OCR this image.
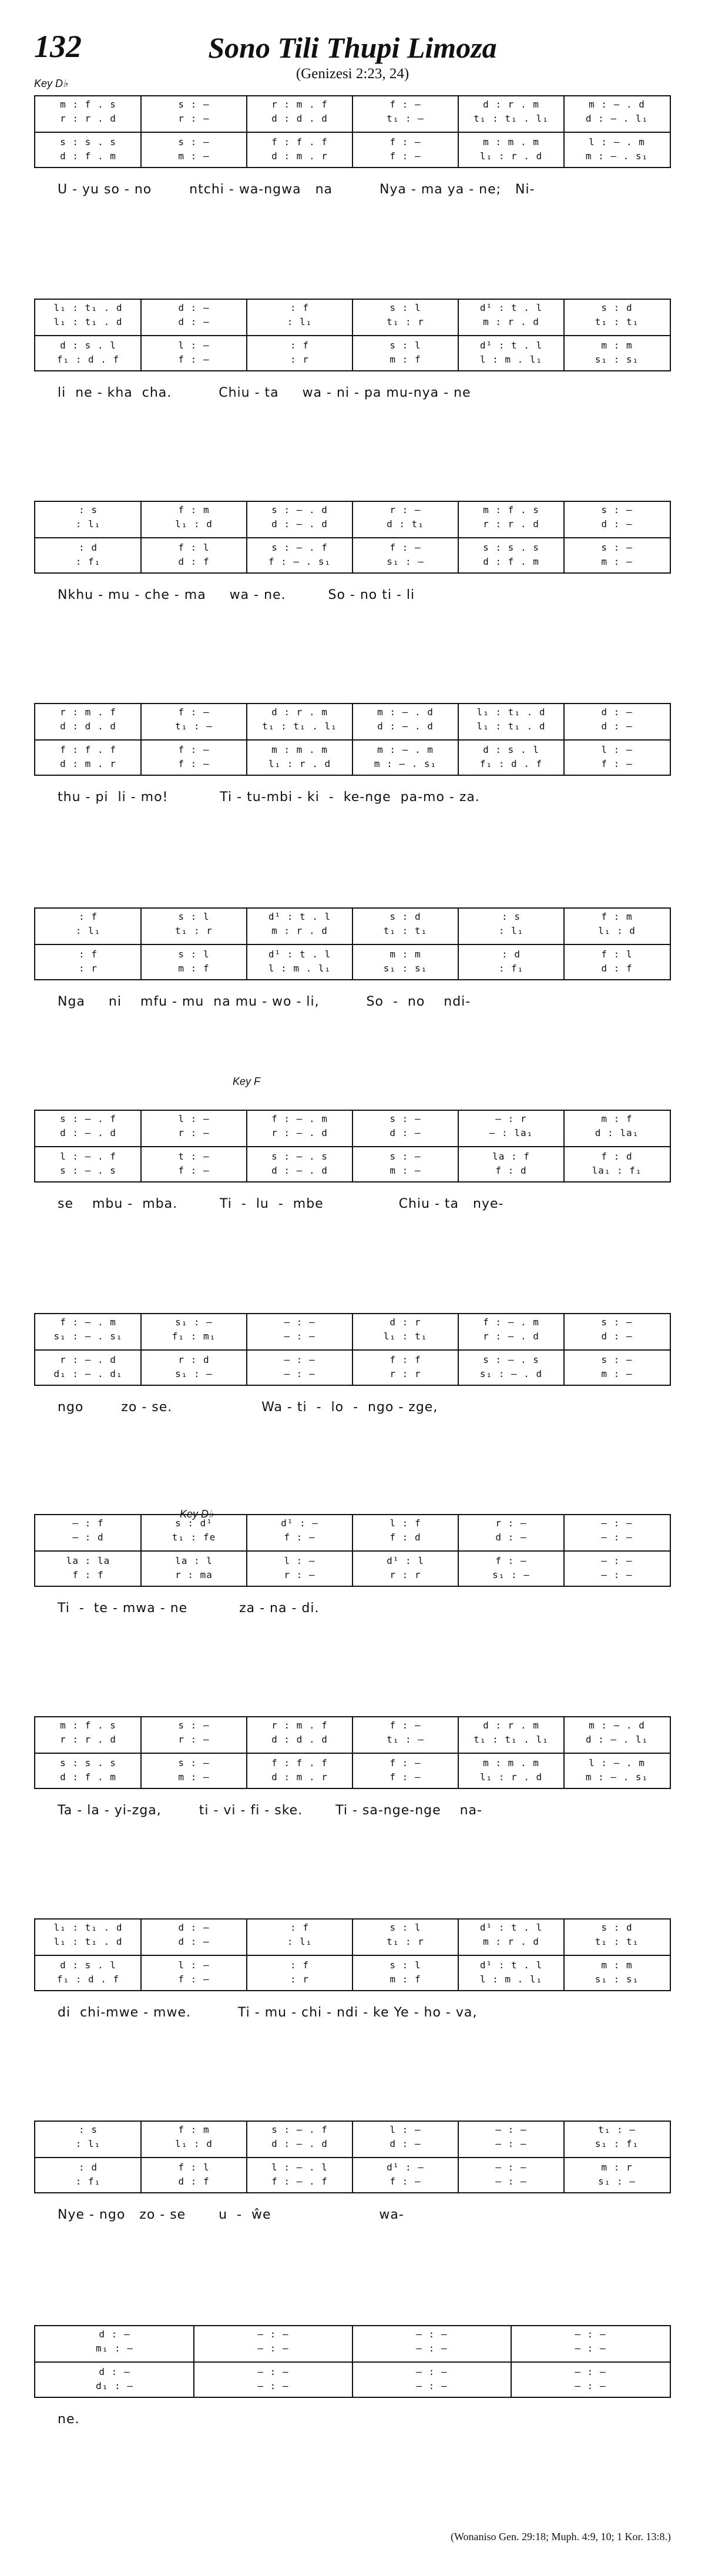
132	Sono Tili Thupi Limoza
(Genizesi 2:23, 24)
Key D♭
Key F
Key D♭
m : f . s
r : r . d
s : s . s
d : f . m
s : —
r : —
s : —
m : —
r : m . f
d : d . d
f : f . f
d : m . r
f : —
t₁ : —
f : —
f : —
d : r . m
t₁ : t₁ . l₁
m : m . m
l₁ : r . d
m : — . d
d : — . l₁
l : — . m
m : — . s₁
U - yu so - no        ntchi - wa-ngwa   na          Nya - ma ya - ne;   Ni-
l₁ : t₁ . d
l₁ : t₁ . d
d : s . l
f₁ : d . f
d : —
d : —
l : —
f : —
: f
: l₁
: f
: r
s : l
t₁ : r
s : l
m : f
d¹ : t . l
m : r . d
d¹ : t . l
l : m . l₁
s : d
t₁ : t₁
m : m
s₁ : s₁
li  ne - kha  cha.          Chiu - ta     wa - ni - pa mu-nya - ne
: s
: l₁
: d
: f₁
f : m
l₁ : d
f : l
d : f
s : — . d
d : — . d
s : — . f
f : — . s₁
r : —
d : t₁
f : —
s₁ : —
m : f . s
r : r . d
s : s . s
d : f . m
s : —
d : —
s : —
m : —
Nkhu - mu - che - ma     wa - ne.         So - no ti - li
r : m . f
d : d . d
f : f . f
d : m . r
f : —
t₁ : —
f : —
f : —
d : r . m
t₁ : t₁ . l₁
m : m . m
l₁ : r . d
m : — . d
d : — . d
m : — . m
m : — . s₁
l₁ : t₁ . d
l₁ : t₁ . d
d : s . l
f₁ : d . f
d : —
d : —
l : —
f : —
thu - pi  li - mo!           Ti - tu-mbi - ki  -  ke-nge  pa-mo - za.
: f
: l₁
: f
: r
s : l
t₁ : r
s : l
m : f
d¹ : t . l
m : r . d
d¹ : t . l
l : m . l₁
s : d
t₁ : t₁
m : m
s₁ : s₁
: s
: l₁
: d
: f₁
f : m
l₁ : d
f : l
d : f
Nga     ni    mfu - mu  na mu - wo - li,          So  -  no    ndi-
s : — . f
d : — . d
l : — . f
s : — . s
l : —
r : —
t : —
f : —
f : — . m
r : — . d
s : — . s
d : — . d
s : —
d : —
s : —
m : —
— : r
— : la₁
la : f
f : d
m : f
d : la₁
f : d
la₁ : f₁
se    mbu -  mba.         Ti  -  lu  -  mbe                Chiu - ta   nye-
f : — . m
s₁ : — . s₁
r : — . d
d₁ : — . d₁
s₁ : —
f₁ : m₁
r : d
s₁ : —
— : —
— : —
— : —
— : —
d : r
l₁ : t₁
f : f
r : r
f : — . m
r : — . d
s : — . s
s₁ : — . d
s : —
d : —
s : —
m : —
ngo        zo - se.                   Wa - ti  -  lo  -  ngo - zge,
— : f
— : d
la : la
f : f
s : d¹
t₁ : fe
la : l
r : ma
d¹ : —
f : —
l : —
r : —
l : f
f : d
d¹ : l
r : r
r : —
d : —
f : —
s₁ : —
— : —
— : —
— : —
— : —
Ti  -  te - mwa - ne           za - na - di.
m : f . s
r : r . d
s : s . s
d : f . m
s : —
r : —
s : —
m : —
r : m . f
d : d . d
f : f . f
d : m . r
f : —
t₁ : —
f : —
f : —
d : r . m
t₁ : t₁ . l₁
m : m . m
l₁ : r . d
m : — . d
d : — . l₁
l : — . m
m : — . s₁
Ta - la - yi-zga,        ti - vi - fi - ske.       Ti - sa-nge-nge    na-
l₁ : t₁ . d
l₁ : t₁ . d
d : s . l
f₁ : d . f
d : —
d : —
l : —
f : —
: f
: l₁
: f
: r
s : l
t₁ : r
s : l
m : f
d¹ : t . l
m : r . d
d¹ : t . l
l : m . l₁
s : d
t₁ : t₁
m : m
s₁ : s₁
di  chi-mwe - mwe.          Ti - mu - chi - ndi - ke Ye - ho - va,
: s
: l₁
: d
: f₁
f : m
l₁ : d
f : l
d : f
s : — . f
d : — . d
l : — . l
f : — . f
l : —
d : —
d¹ : —
f : —
— : —
— : —
— : —
— : —
t₁ : —
s₁ : f₁
m : r
s₁ : —
Nye - ngo   zo - se       u  -  ŵe                       wa-
d : —
m₁ : —
d : —
d₁ : —
— : —
— : —
— : —
— : —
— : —
— : —
— : —
— : —
— : —
— : —
— : —
— : —
ne.
(Wonaniso Gen. 29:18; Muph. 4:9, 10; 1 Kor. 13:8.)
